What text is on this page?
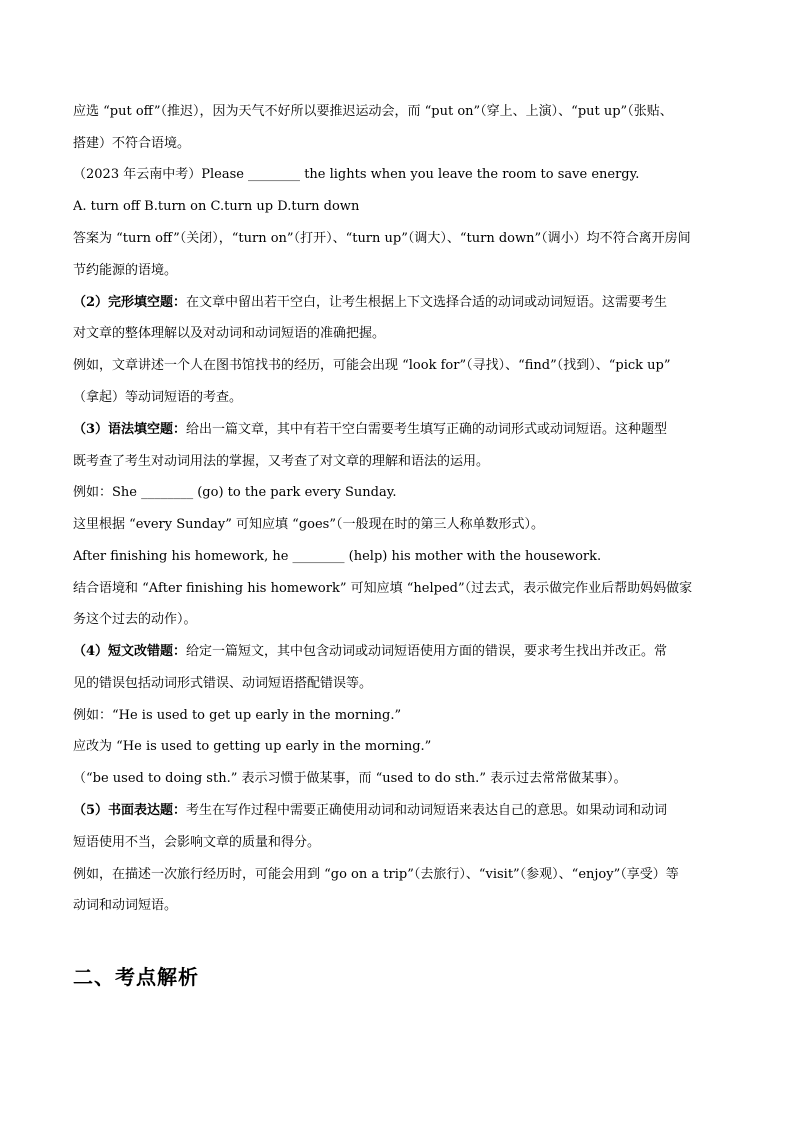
应选 “put off”（推迟），因为天气不好所以要推迟运动会，而 “put on”（穿上、上演）、“put up”（张贴、
搭建）不符合语境。
（2023 年云南中考）Please ________ the lights when you leave the room to save energy.
A. turn off B.turn on C.turn up D.turn down
答案为 “turn off”（关闭），“turn on”（打开）、“turn up”（调大）、“turn down”（调小）均不符合离开房间
节约能源的语境。
（2）完形填空题：在文章中留出若干空白，让考生根据上下文选择合适的动词或动词短语。这需要考生
对文章的整体理解以及对动词和动词短语的准确把握。
例如，文章讲述一个人在图书馆找书的经历，可能会出现 “look for”（寻找）、“find”（找到）、“pick up”
（拿起）等动词短语的考查。
（3）语法填空题：给出一篇文章，其中有若干空白需要考生填写正确的动词形式或动词短语。这种题型
既考查了考生对动词用法的掌握，又考查了对文章的理解和语法的运用。
例如：She ________ (go) to the park every Sunday.
这里根据 “every Sunday” 可知应填 “goes”（一般现在时的第三人称单数形式）。
After finishing his homework, he ________ (help) his mother with the housework.
结合语境和 “After finishing his homework” 可知应填 “helped”（过去式，表示做完作业后帮助妈妈做家
务这个过去的动作）。
（4）短文改错题：给定一篇短文，其中包含动词或动词短语使用方面的错误，要求考生找出并改正。常
见的错误包括动词形式错误、动词短语搭配错误等。
例如：“He is used to get up early in the morning.”
应改为 “He is used to getting up early in the morning.”
（“be used to doing sth.” 表示习惯于做某事，而 “used to do sth.” 表示过去常常做某事）。
（5）书面表达题：考生在写作过程中需要正确使用动词和动词短语来表达自己的意思。如果动词和动词
短语使用不当，会影响文章的质量和得分。
例如，在描述一次旅行经历时，可能会用到 “go on a trip”（去旅行）、“visit”（参观）、“enjoy”（享受）等
动词和动词短语。
二、考点解析
